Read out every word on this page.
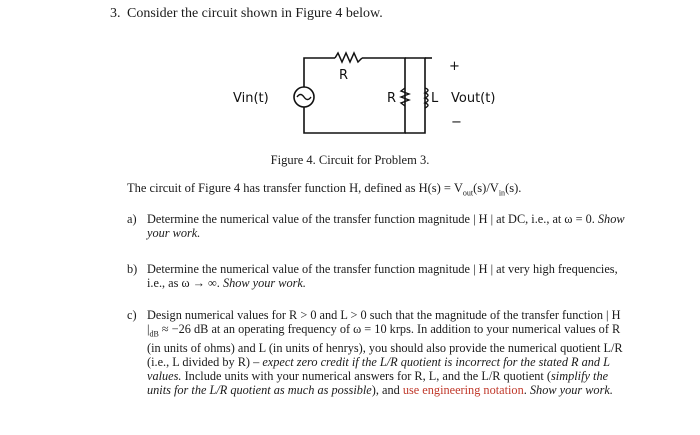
3. Consider the circuit shown in Figure 4 below.
Vin(t)
R
R	L Vout(t)
+
−
Figure 4. Circuit for Problem 3.
The circuit of Figure 4 has transfer function H, defined as $H(s) = V_{out}(s)/V_{in}(s)$.
a) Determine the numerical value of the transfer function magnitude | H | at DC, i.e., at ω = 0. Show your work.
b) Determine the numerical value of the transfer function magnitude | H | at very high frequencies, i.e., as ω → ∞. Show your work.
c) Design numerical values for R > 0 and L > 0 such that the magnitude of the transfer function | H $|_{dB} \approx -26$ dB at an operating frequency of ω = 10 krps. In addition to your numerical values of R (in units of ohms) and L (in units of henrys), you should also provide the numerical quotient L/R (i.e., L divided by R) – expect zero credit if the L/R quotient is incorrect for the stated R and L values. Include units with your numerical answers for R, L, and the L/R quotient (simplify the units for the L/R quotient as much as possible), and use engineering notation. Show your work.
